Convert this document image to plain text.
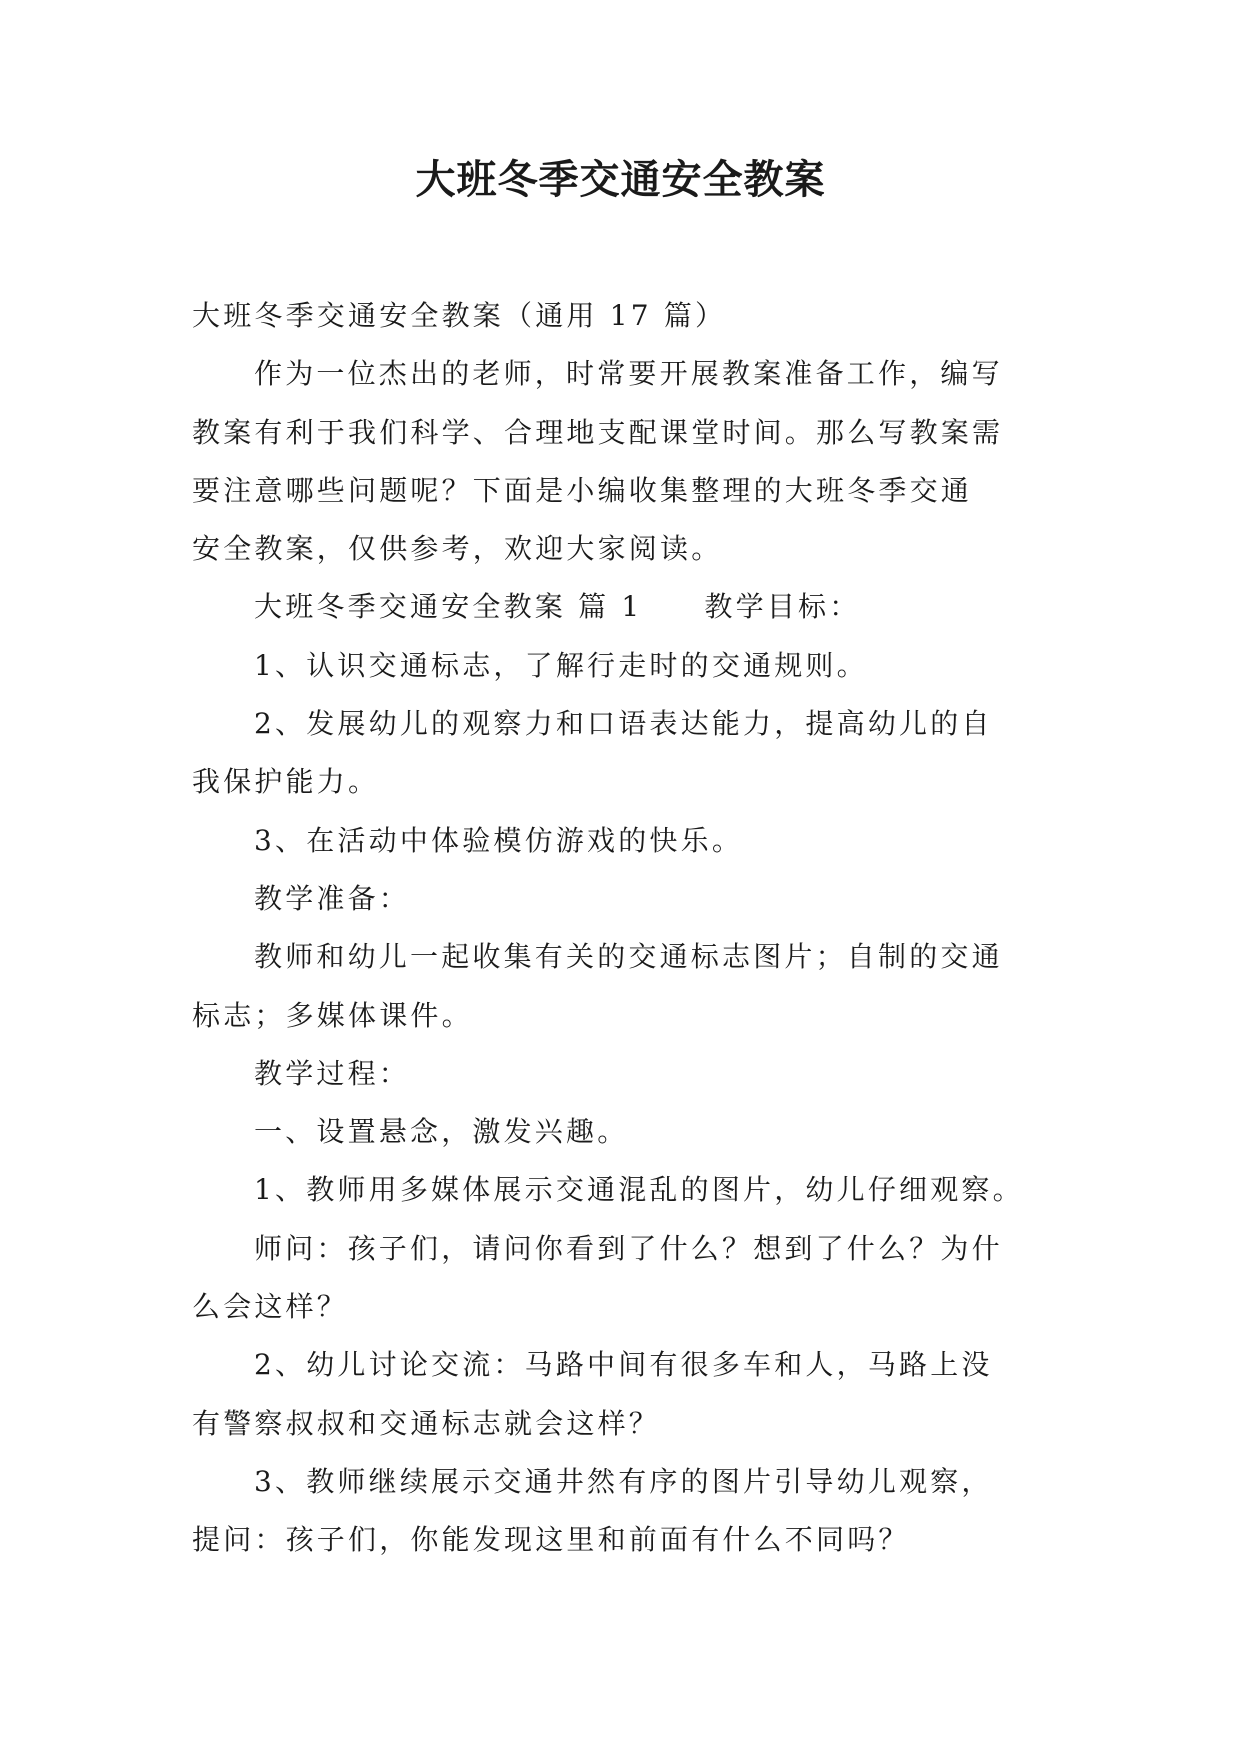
大班冬季交通安全教案

大班冬季交通安全教案（通用 17 篇）

作为一位杰出的老师，时常要开展教案准备工作，编写

教案有利于我们科学、合理地支配课堂时间。那么写教案需

要注意哪些问题呢？下面是小编收集整理的大班冬季交通

安全教案，仅供参考，欢迎大家阅读。

大班冬季交通安全教案 篇 1 教学目标：

1、认识交通标志，了解行走时的交通规则。

2、发展幼儿的观察力和口语表达能力，提高幼儿的自

我保护能力。

3、在活动中体验模仿游戏的快乐。

教学准备：

教师和幼儿一起收集有关的交通标志图片；自制的交通

标志；多媒体课件。

教学过程：

一、设置悬念，激发兴趣。

1、教师用多媒体展示交通混乱的图片，幼儿仔细观察。

师问：孩子们，请问你看到了什么？想到了什么？为什

么会这样？

2、幼儿讨论交流：马路中间有很多车和人，马路上没

有警察叔叔和交通标志就会这样？

3、教师继续展示交通井然有序的图片引导幼儿观察，

提问：孩子们，你能发现这里和前面有什么不同吗？
